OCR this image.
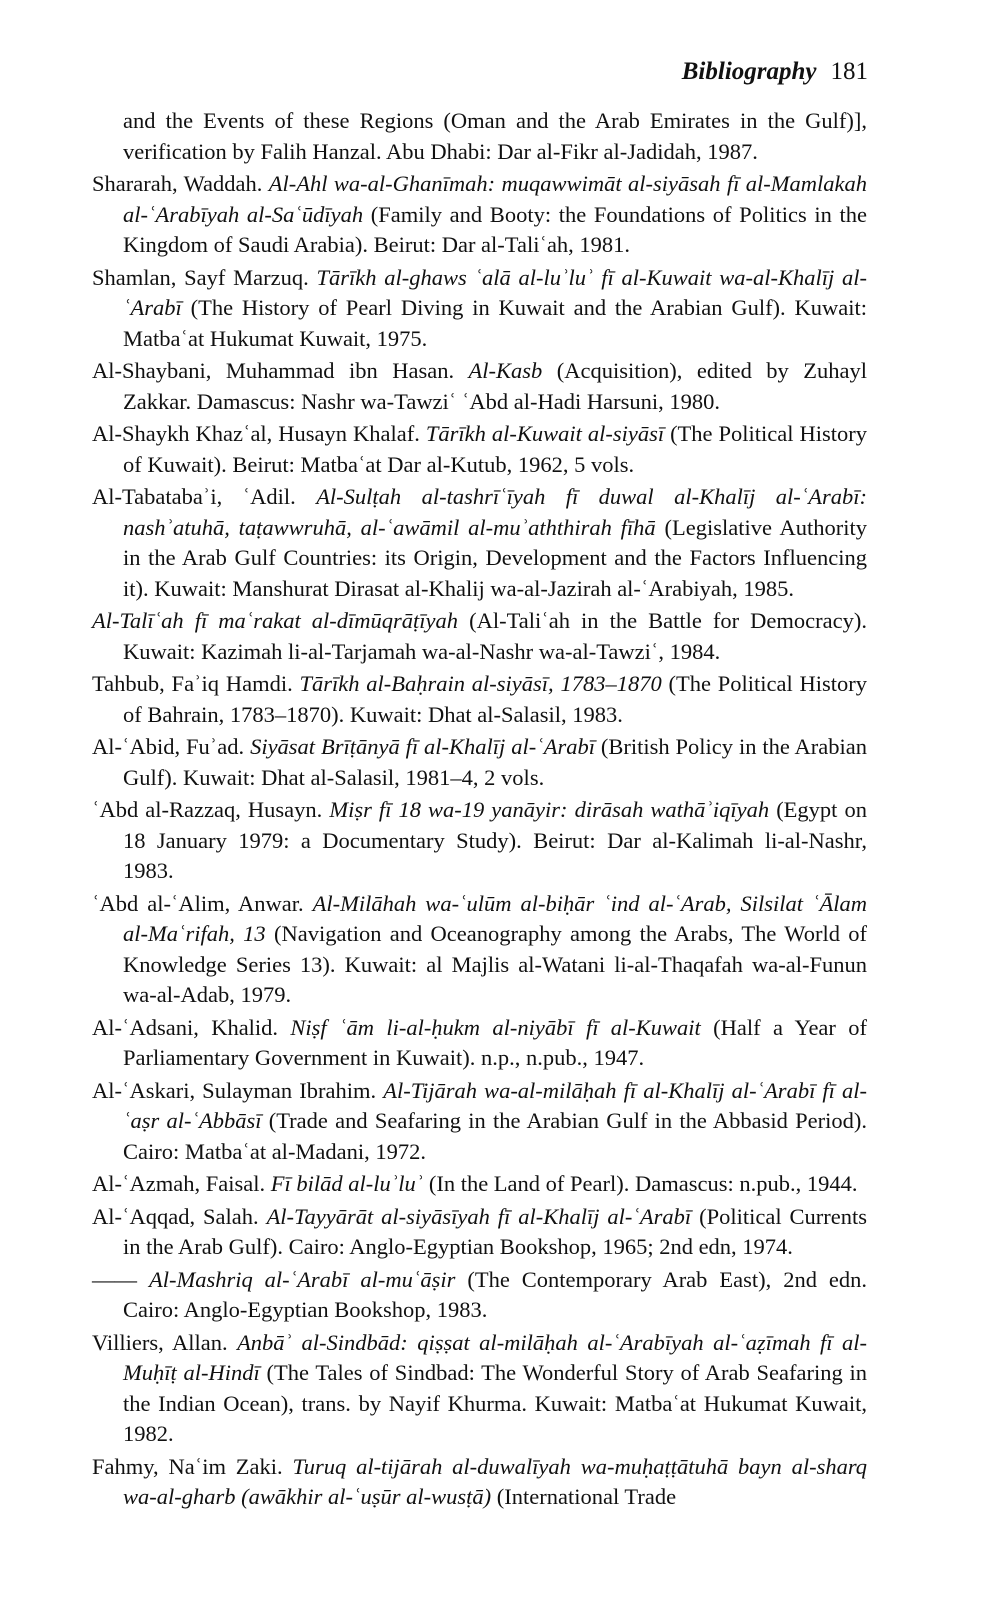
Bibliography 181

and the Events of these Regions (Oman and the Arab Emirates in the Gulf)], verification by Falih Hanzal. Abu Dhabi: Dar al-Fikr al-Jadidah, 1987.

Shararah, Waddah. Al-Ahl wa-al-Ghanīmah: muqawwimāt al-siyāsah fī al-Mamlakah al-ʿArabīyah al-Saʿūdīyah (Family and Booty: the Foundations of Politics in the Kingdom of Saudi Arabia). Beirut: Dar al-Taliʿah, 1981.

Shamlan, Sayf Marzuq. Tārīkh al-ghaws ʿalā al-luʾluʾ fī al-Kuwait wa-al-Khalīj al-ʿArabī (The History of Pearl Diving in Kuwait and the Arabian Gulf). Kuwait: Matbaʿat Hukumat Kuwait, 1975.

Al-Shaybani, Muhammad ibn Hasan. Al-Kasb (Acquisition), edited by Zuhayl Zakkar. Damascus: Nashr wa-Tawziʿ ʿAbd al-Hadi Harsuni, 1980.

Al-Shaykh Khazʿal, Husayn Khalaf. Tārīkh al-Kuwait al-siyāsī (The Political History of Kuwait). Beirut: Matbaʿat Dar al-Kutub, 1962, 5 vols.

Al-Tabatabaʾi, ʿAdil. Al-Sulṭah al-tashrīʿīyah fī duwal al-Khalīj al-ʿArabī: nashʾatuhā, taṭawwruhā, al-ʿawāmil al-muʾaththirah fīhā (Legislative Authority in the Arab Gulf Countries: its Origin, Development and the Factors Influencing it). Kuwait: Manshurat Dirasat al-Khalij wa-al-Jazirah al-ʿArabiyah, 1985.

Al-Talīʿah fī maʿrakat al-dīmūqrāṭīyah (Al-Taliʿah in the Battle for Democracy). Kuwait: Kazimah li-al-Tarjamah wa-al-Nashr wa-al-Tawziʿ, 1984.

Tahbub, Faʾiq Hamdi. Tārīkh al-Baḥrain al-siyāsī, 1783–1870 (The Political History of Bahrain, 1783–1870). Kuwait: Dhat al-Salasil, 1983.

Al-ʿAbid, Fuʾad. Siyāsat Brīṭānyā fī al-Khalīj al-ʿArabī (British Policy in the Arabian Gulf). Kuwait: Dhat al-Salasil, 1981–4, 2 vols.

ʿAbd al-Razzaq, Husayn. Miṣr fī 18 wa-19 yanāyir: dirāsah wathāʾiqīyah (Egypt on 18 January 1979: a Documentary Study). Beirut: Dar al-Kalimah li-al-Nashr, 1983.

ʿAbd al-ʿAlim, Anwar. Al-Milāhah wa-ʿulūm al-biḥār ʿind al-ʿArab, Silsilat ʿĀlam al-Maʿrifah, 13 (Navigation and Oceanography among the Arabs, The World of Knowledge Series 13). Kuwait: al Majlis al-Watani li-al-Thaqafah wa-al-Funun wa-al-Adab, 1979.

Al-ʿAdsani, Khalid. Niṣf ʿām li-al-ḥukm al-niyābī fī al-Kuwait (Half a Year of Parliamentary Government in Kuwait). n.p., n.pub., 1947.

Al-ʿAskari, Sulayman Ibrahim. Al-Tijārah wa-al-milāḥah fī al-Khalīj al-ʿArabī fī al-ʿaṣr al-ʿAbbāsī (Trade and Seafaring in the Arabian Gulf in the Abbasid Period). Cairo: Matbaʿat al-Madani, 1972.

Al-ʿAzmah, Faisal. Fī bilād al-luʾluʾ (In the Land of Pearl). Damascus: n.pub., 1944.

Al-ʿAqqad, Salah. Al-Tayyārāt al-siyāsīyah fī al-Khalīj al-ʿArabī (Political Currents in the Arab Gulf). Cairo: Anglo-Egyptian Bookshop, 1965; 2nd edn, 1974.

—— Al-Mashriq al-ʿArabī al-muʿāṣir (The Contemporary Arab East), 2nd edn. Cairo: Anglo-Egyptian Bookshop, 1983.

Villiers, Allan. Anbāʾ al-Sindbād: qiṣṣat al-milāḥah al-ʿArabīyah al-ʿaẓīmah fī al-Muḥīṭ al-Hindī (The Tales of Sindbad: The Wonderful Story of Arab Seafaring in the Indian Ocean), trans. by Nayif Khurma. Kuwait: Matbaʿat Hukumat Kuwait, 1982.

Fahmy, Naʿim Zaki. Turuq al-tijārah al-duwalīyah wa-muḥaṭṭātuhā bayn al-sharq wa-al-gharb (awākhir al-ʿuṣūr al-wusṭā) (International Trade
